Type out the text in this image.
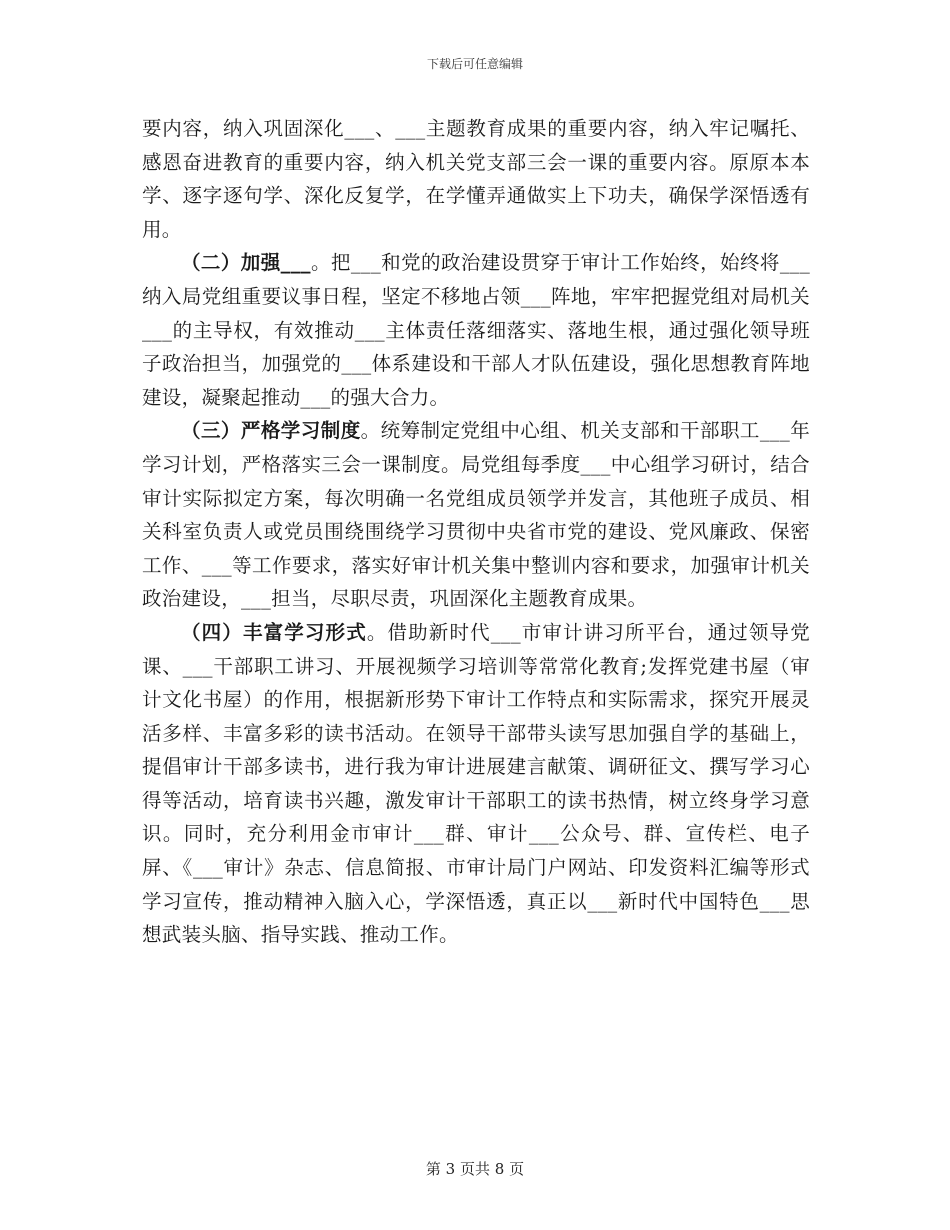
下载后可任意编辑

要内容，纳入巩固深化___、___主题教育成果的重要内容，纳入牢记嘱托、感恩奋进教育的重要内容，纳入机关党支部三会一课的重要内容。原原本本学、逐字逐句学、深化反复学，在学懂弄通做实上下功夫，确保学深悟透有用。

（二）加强___。把___和党的政治建设贯穿于审计工作始终，始终将___纳入局党组重要议事日程，坚定不移地占领___阵地，牢牢把握党组对局机关___的主导权，有效推动___主体责任落细落实、落地生根，通过强化领导班子政治担当，加强党的___体系建设和干部人才队伍建设，强化思想教育阵地建设，凝聚起推动___的强大合力。

（三）严格学习制度。统筹制定党组中心组、机关支部和干部职工___年学习计划，严格落实三会一课制度。局党组每季度___中心组学习研讨，结合审计实际拟定方案，每次明确一名党组成员领学并发言，其他班子成员、相关科室负责人或党员围绕围绕学习贯彻中央省市党的建设、党风廉政、保密工作、___等工作要求，落实好审计机关集中整训内容和要求，加强审计机关政治建设，___担当，尽职尽责，巩固深化主题教育成果。

（四）丰富学习形式。借助新时代___市审计讲习所平台，通过领导党课、___干部职工讲习、开展视频学习培训等常常化教育;发挥党建书屋（审计文化书屋）的作用，根据新形势下审计工作特点和实际需求，探究开展灵活多样、丰富多彩的读书活动。在领导干部带头读写思加强自学的基础上，提倡审计干部多读书，进行我为审计进展建言献策、调研征文、撰写学习心得等活动，培育读书兴趣，激发审计干部职工的读书热情，树立终身学习意识。同时，充分利用金市审计___群、审计___公众号、群、宣传栏、电子屏、《___审计》杂志、信息简报、市审计局门户网站、印发资料汇编等形式学习宣传，推动精神入脑入心，学深悟透，真正以___新时代中国特色___思想武装头脑、指导实践、推动工作。

第 3 页共 8 页
